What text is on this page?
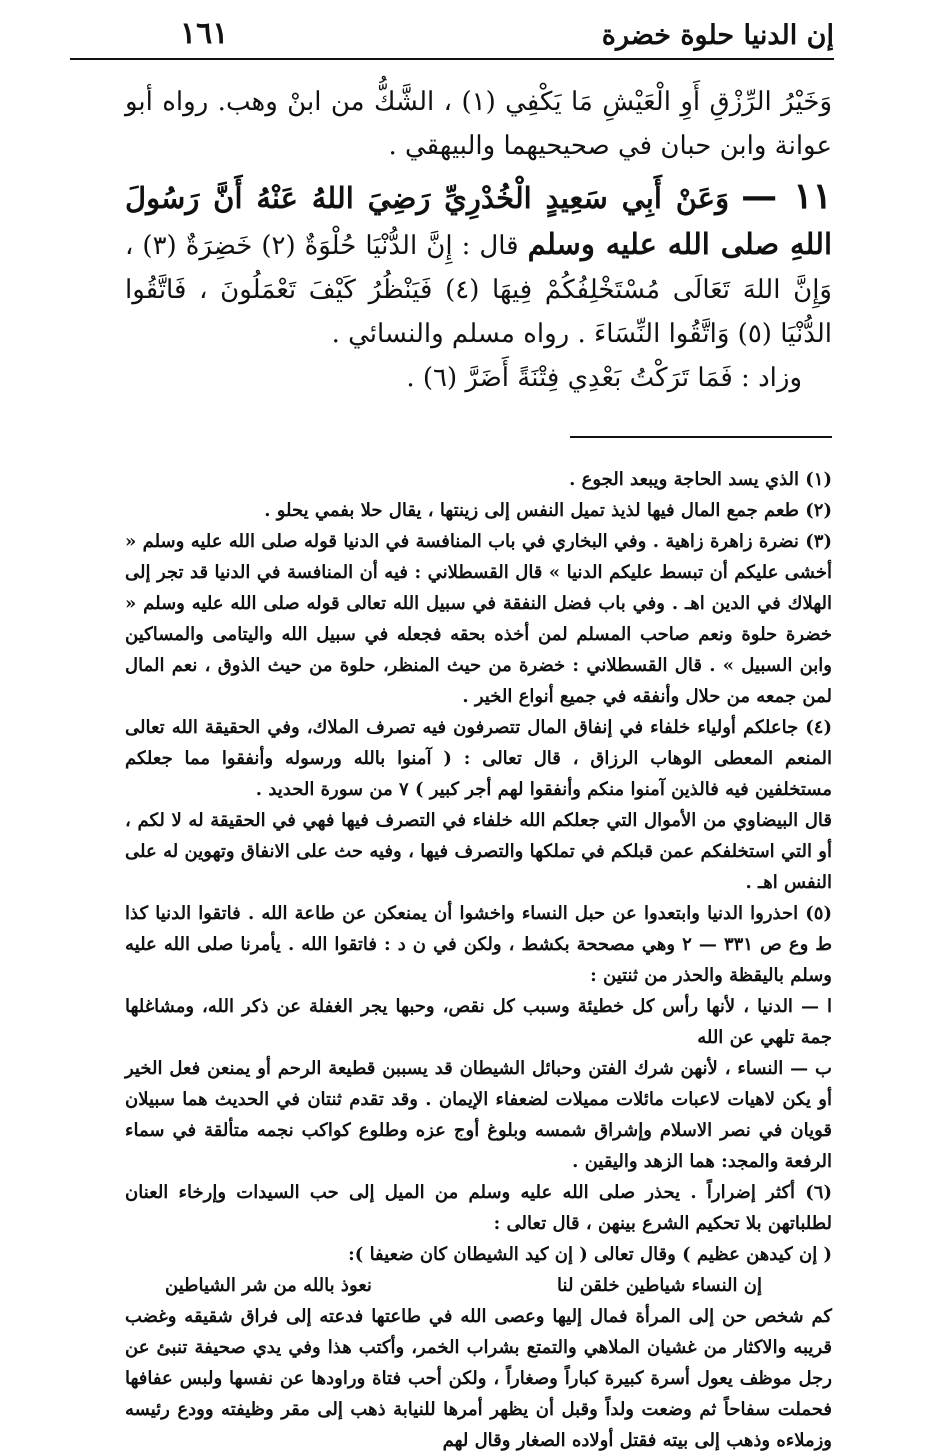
١٦١	إن الدنيا حلوة خضرة

وَخَيْرُ الرِّزْقِ أَوِ الْعَيْشِ مَا يَكْفِي (١) ، الشَّكُّ من ابنْ وهب. رواه أبو عوانة وابن حبان في صحيحيهما والبيهقي .

١١ — وَعَنْ أَبِي سَعِيدٍ الْخُدْرِيِّ رَضِيَ اللهُ عَنْهُ أَنَّ رَسُولَ اللهِ صلى الله عليه وسلم قال : إِنَّ الدُّنْيَا حُلْوَةٌ (٢) خَضِرَةٌ (٣) ، وَإِنَّ اللهَ تَعَالَى مُسْتَخْلِفُكُمْ فِيهَا (٤) فَيَنْظُرُ كَيْفَ تَعْمَلُونَ ، فَاتَّقُوا الدُّنْيَا (٥) وَاتَّقُوا النِّسَاءَ . رواه مسلم والنسائي .

وزاد : فَمَا تَرَكْتُ بَعْدِي فِتْنَةً أَضَرَّ (٦) .

(١) الذي يسد الحاجة ويبعد الجوع .

(٢) طعم جمع المال فيها لذيذ تميل النفس إلى زينتها ، يقال حلا بفمي يحلو .

(٣) نضرة زاهرة زاهية . وفي البخاري في باب المنافسة في الدنيا قوله صلى الله عليه وسلم « أخشى عليكم أن تبسط عليكم الدنيا » قال القسطلاني : فيه أن المنافسة في الدنيا قد تجر إلى الهلاك في الدين اهـ . وفي باب فضل النفقة في سبيل الله تعالى قوله صلى الله عليه وسلم « خضرة حلوة ونعم صاحب المسلم لمن أخذه بحقه فجعله في سبيل الله واليتامى والمساكين وابن السبيل » . قال القسطلاني : خضرة من حيث المنظر، حلوة من حيث الذوق ، نعم المال لمن جمعه من حلال وأنفقه في جميع أنواع الخير .

(٤) جاعلكم أولياء خلفاء في إنفاق المال تتصرفون فيه تصرف الملاك، وفي الحقيقة الله تعالى المنعم المعطى الوهاب الرزاق ، قال تعالى : ( آمنوا بالله ورسوله وأنفقوا مما جعلكم مستخلفين فيه فالذين آمنوا منكم وأنفقوا لهم أجر كبير ) ٧ من سورة الحديد .

قال البيضاوي من الأموال التي جعلكم الله خلفاء في التصرف فيها فهي في الحقيقة له لا لكم ، أو التي استخلفكم عمن قبلكم في تملكها والتصرف فيها ، وفيه حث على الانفاق وتهوين له على النفس اهـ .

(٥) احذروا الدنيا وابتعدوا عن حبل النساء واخشوا أن يمنعكن عن طاعة الله . فاتقوا الدنيا كذا ط وع ص ٣٣١ — ٢ وهي مصححة بكشط ، ولكن في ن د : فاتقوا الله . يأمرنا صلى الله عليه وسلم باليقظة والحذر من ثنتين :

ا — الدنيا ، لأنها رأس كل خطيئة وسبب كل نقص، وحبها يجر الغفلة عن ذكر الله، ومشاغلها جمة تلهي عن الله

ب — النساء ، لأنهن شرك الفتن وحبائل الشيطان قد يسببن قطيعة الرحم أو يمنعن فعل الخير أو يكن لاهيات لاعبات مائلات مميلات لضعفاء الإيمان . وقد تقدم ثنتان في الحديث هما سبيلان قويان في نصر الاسلام وإشراق شمسه وبلوغ أوج عزه وطلوع كواكب نجمه متألقة في سماء الرفعة والمجد: هما الزهد واليقين .

(٦) أكثر إضراراً . يحذر صلى الله عليه وسلم من الميل إلى حب السيدات وإرخاء العنان لطلباتهن بلا تحكيم الشرع بينهن ، قال تعالى :

( إن كيدهن عظيم ) وقال تعالى ( إن كيد الشيطان كان ضعيفا ):

إن النساء شياطين خلقن لنا
نعوذ بالله من شر الشياطين

كم شخص حن إلى المرأة فمال إليها وعصى الله في طاعتها فدعته إلى فراق شقيقه وغضب قريبه والاكثار من غشيان الملاهي والتمتع بشراب الخمر، وأكتب هذا وفي يدي صحيفة تنبئ عن رجل موظف يعول أسرة كبيرة كباراً وصغاراً ، ولكن أحب فتاة وراودها عن نفسها ولبس عفافها فحملت سفاحاً ثم وضعت ولداً وقبل أن يظهر أمرها للنيابة ذهب إلى مقر وظيفته وودع رئيسه وزملاءه وذهب إلى بيته فقتل أولاده الصغار وقال لهم
